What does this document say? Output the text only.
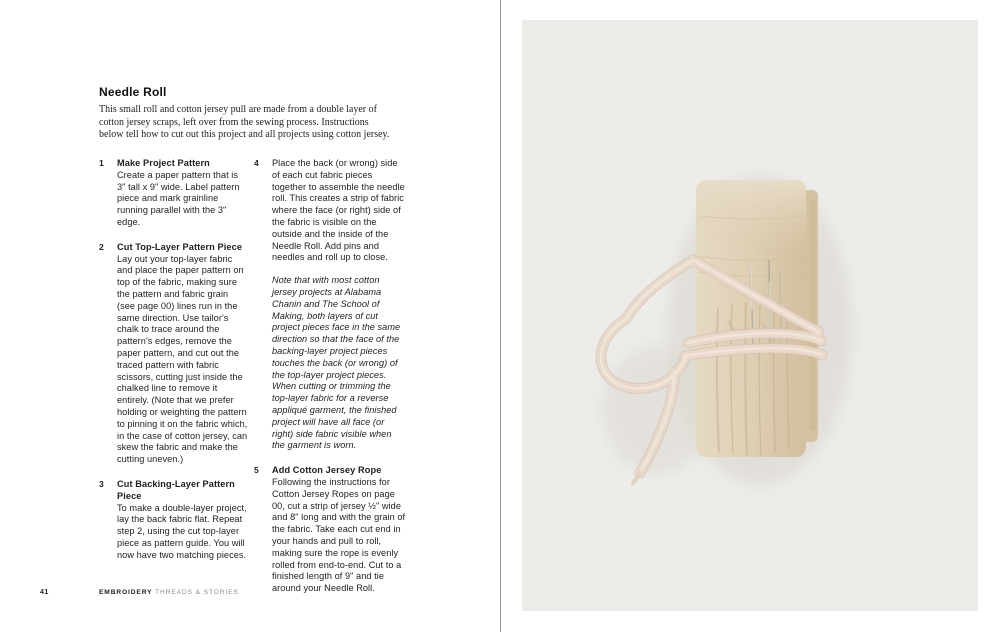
Needle Roll

This small roll and cotton jersey pull are made from a double layer of cotton jersey scraps, left over from the sewing process. Instructions below tell how to cut out this project and all projects using cotton jersey.

1	Make Project Pattern

Create a paper pattern that is 3" tall x 9" wide. Label pattern piece and mark grainline running parallel with the 3" edge.

2	Cut Top-Layer Pattern Piece

Lay out your top-layer fabric and place the paper pattern on top of the fabric, making sure the pattern and fabric grain (see page 00) lines run in the same direction. Use tailor's chalk to trace around the pattern's edges, remove the paper pattern, and cut out the traced pattern with fabric scissors, cutting just inside the chalked line to remove it entirely. (Note that we prefer holding or weighting the pattern to pinning it on the fabric which, in the case of cotton jersey, can skew the fabric and make the cutting uneven.)

3	Cut Backing-Layer Pattern Piece

To make a double-layer project, lay the back fabric flat. Repeat step 2, using the cut top-layer piece as pattern guide. You will now have two matching pieces.

4	Place the back (or wrong) side of each cut fabric pieces together to assemble the needle roll. This creates a strip of fabric where the face (or right) side of the fabric is visible on the outside and the inside of the Needle Roll. Add pins and needles and roll up to close.

Note that with most cotton jersey projects at Alabama Chanin and The School of Making, both layers of cut project pieces face in the same direction so that the face of the backing-layer project pieces touches the back (or wrong) of the top-layer project pieces. When cutting or trimming the top-layer fabric for a reverse appliqué garment, the finished project will have all face (or right) side fabric visible when the garment is worn.

5	Add Cotton Jersey Rope

Following the instructions for Cotton Jersey Ropes on page 00, cut a strip of jersey ½" wide and 8" long and with the grain of the fabric. Take each cut end in your hands and pull to roll, making sure the rope is evenly rolled from end-to-end. Cut to a finished length of 9" and tie around your Needle Roll.

41	EMBROIDERY THREADS & STORIES
